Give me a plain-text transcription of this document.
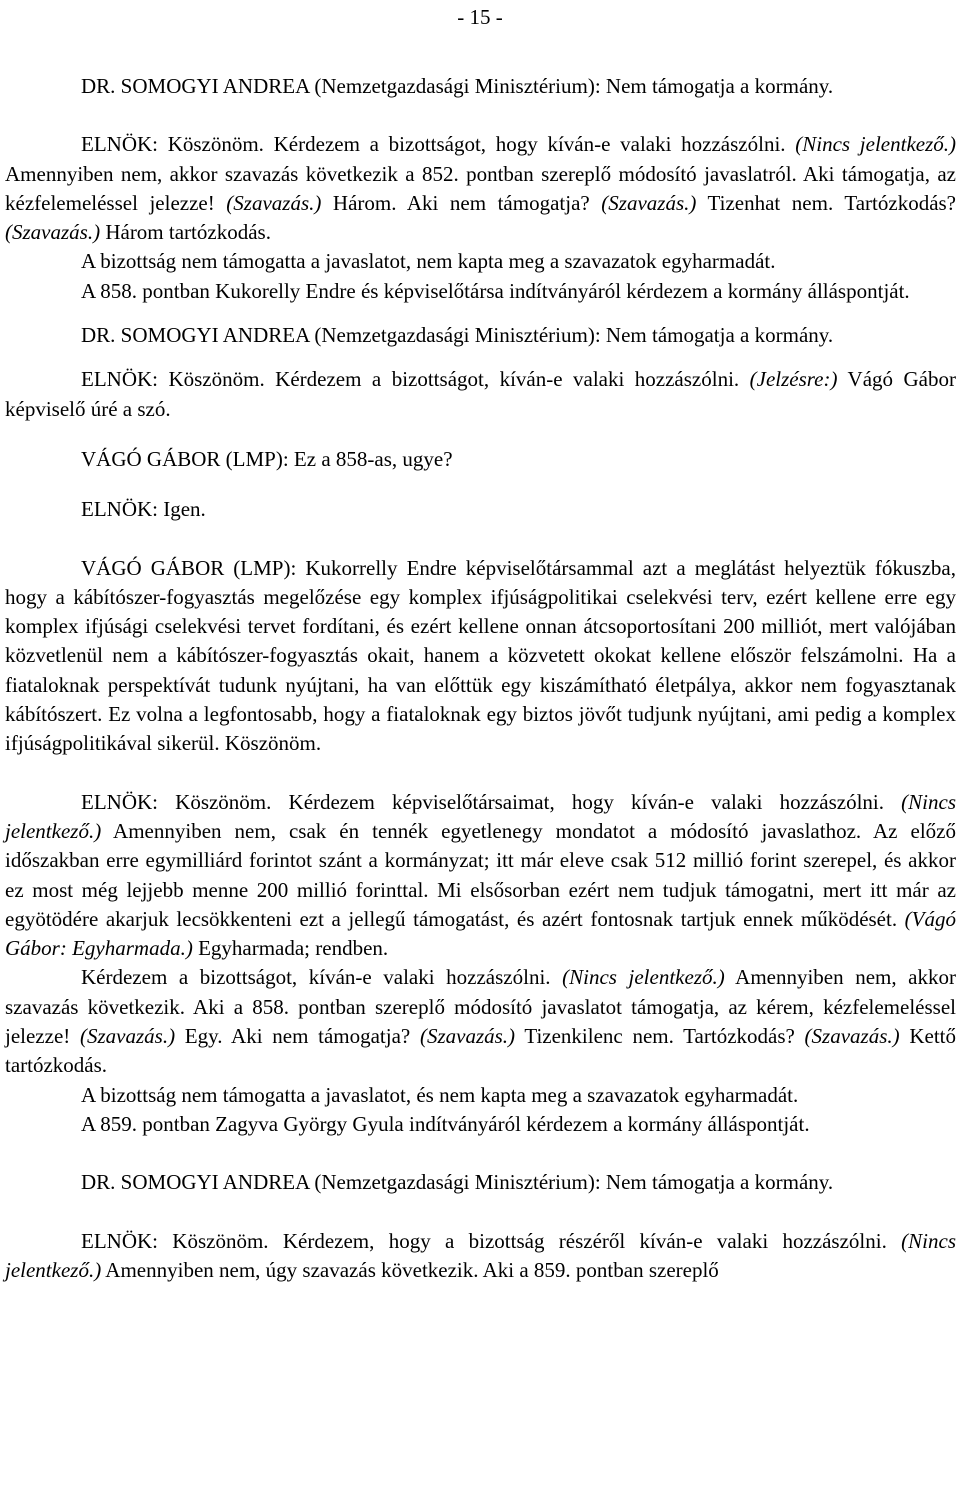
- 15 -

DR. SOMOGYI ANDREA (Nemzetgazdasági Minisztérium): Nem támogatja a kormány.

ELNÖK: Köszönöm. Kérdezem a bizottságot, hogy kíván-e valaki hozzászólni. (Nincs jelentkező.) Amennyiben nem, akkor szavazás következik a 852. pontban szereplő módosító javaslatról. Aki támogatja, az kézfelemeléssel jelezze! (Szavazás.) Három. Aki nem támogatja? (Szavazás.) Tizenhat nem. Tartózkodás? (Szavazás.) Három tartózkodás.

A bizottság nem támogatta a javaslatot, nem kapta meg a szavazatok egyharmadát.

A 858. pontban Kukorelly Endre és képviselőtársa indítványáról kérdezem a kormány álláspontját.

DR. SOMOGYI ANDREA (Nemzetgazdasági Minisztérium): Nem támogatja a kormány.

ELNÖK: Köszönöm. Kérdezem a bizottságot, kíván-e valaki hozzászólni. (Jelzésre:) Vágó Gábor képviselő úré a szó.

VÁGÓ GÁBOR (LMP): Ez a 858-as, ugye?

ELNÖK: Igen.

VÁGÓ GÁBOR (LMP): Kukorrelly Endre képviselőtársammal azt a meglátást helyeztük fókuszba, hogy a kábítószer-fogyasztás megelőzése egy komplex ifjúságpolitikai cselekvési terv, ezért kellene erre egy komplex ifjúsági cselekvési tervet fordítani, és ezért kellene onnan átcsoportosítani 200 milliót, mert valójában közvetlenül nem a kábítószer-fogyasztás okait, hanem a közvetett okokat kellene először felszámolni. Ha a fiataloknak perspektívát tudunk nyújtani, ha van előttük egy kiszámítható életpálya, akkor nem fogyasztanak kábítószert. Ez volna a legfontosabb, hogy a fiataloknak egy biztos jövőt tudjunk nyújtani, ami pedig a komplex ifjúságpolitikával sikerül. Köszönöm.

ELNÖK: Köszönöm. Kérdezem képviselőtársaimat, hogy kíván-e valaki hozzászólni. (Nincs jelentkező.) Amennyiben nem, csak én tennék egyetlenegy mondatot a módosító javaslathoz. Az előző időszakban erre egymilliárd forintot szánt a kormányzat; itt már eleve csak 512 millió forint szerepel, és akkor ez most még lejjebb menne 200 millió forinttal. Mi elsősorban ezért nem tudjuk támogatni, mert itt már az egyötödére akarjuk lecsökkenteni ezt a jellegű támogatást, és azért fontosnak tartjuk ennek működését. (Vágó Gábor: Egyharmada.) Egyharmada; rendben.

Kérdezem a bizottságot, kíván-e valaki hozzászólni. (Nincs jelentkező.) Amennyiben nem, akkor szavazás következik. Aki a 858. pontban szereplő módosító javaslatot támogatja, az kérem, kézfelemeléssel jelezze! (Szavazás.) Egy. Aki nem támogatja? (Szavazás.) Tizenkilenc nem. Tartózkodás? (Szavazás.) Kettő tartózkodás.

A bizottság nem támogatta a javaslatot, és nem kapta meg a szavazatok egyharmadát.

A 859. pontban Zagyva György Gyula indítványáról kérdezem a kormány álláspontját.

DR. SOMOGYI ANDREA (Nemzetgazdasági Minisztérium): Nem támogatja a kormány.

ELNÖK: Köszönöm. Kérdezem, hogy a bizottság részéről kíván-e valaki hozzászólni. (Nincs jelentkező.) Amennyiben nem, úgy szavazás következik. Aki a 859. pontban szereplő
